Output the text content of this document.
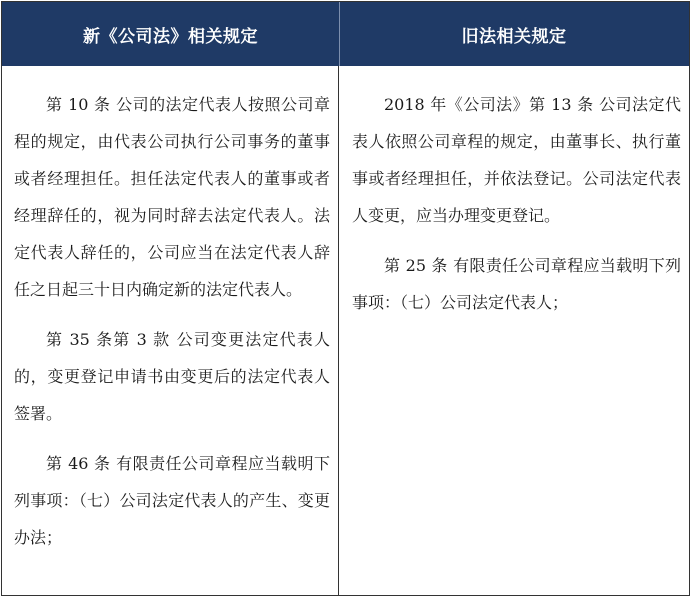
新《公司法》相关规定	旧法相关规定

第 10 条 公司的法定代表人按照公司章程的规定，由代表公司执行公司事务的董事或者经理担任。担任法定代表人的董事或者经理辞任的，视为同时辞去法定代表人。法定代表人辞任的，公司应当在法定代表人辞任之日起三十日内确定新的法定代表人。

第 35 条第 3 款 公司变更法定代表人的，变更登记申请书由变更后的法定代表人签署。

第 46 条 有限责任公司章程应当载明下列事项：（七）公司法定代表人的产生、变更办法；

2018 年《公司法》第 13 条 公司法定代表人依照公司章程的规定，由董事长、执行董事或者经理担任，并依法登记。公司法定代表人变更，应当办理变更登记。

第 25 条 有限责任公司章程应当载明下列事项：（七）公司法定代表人；
